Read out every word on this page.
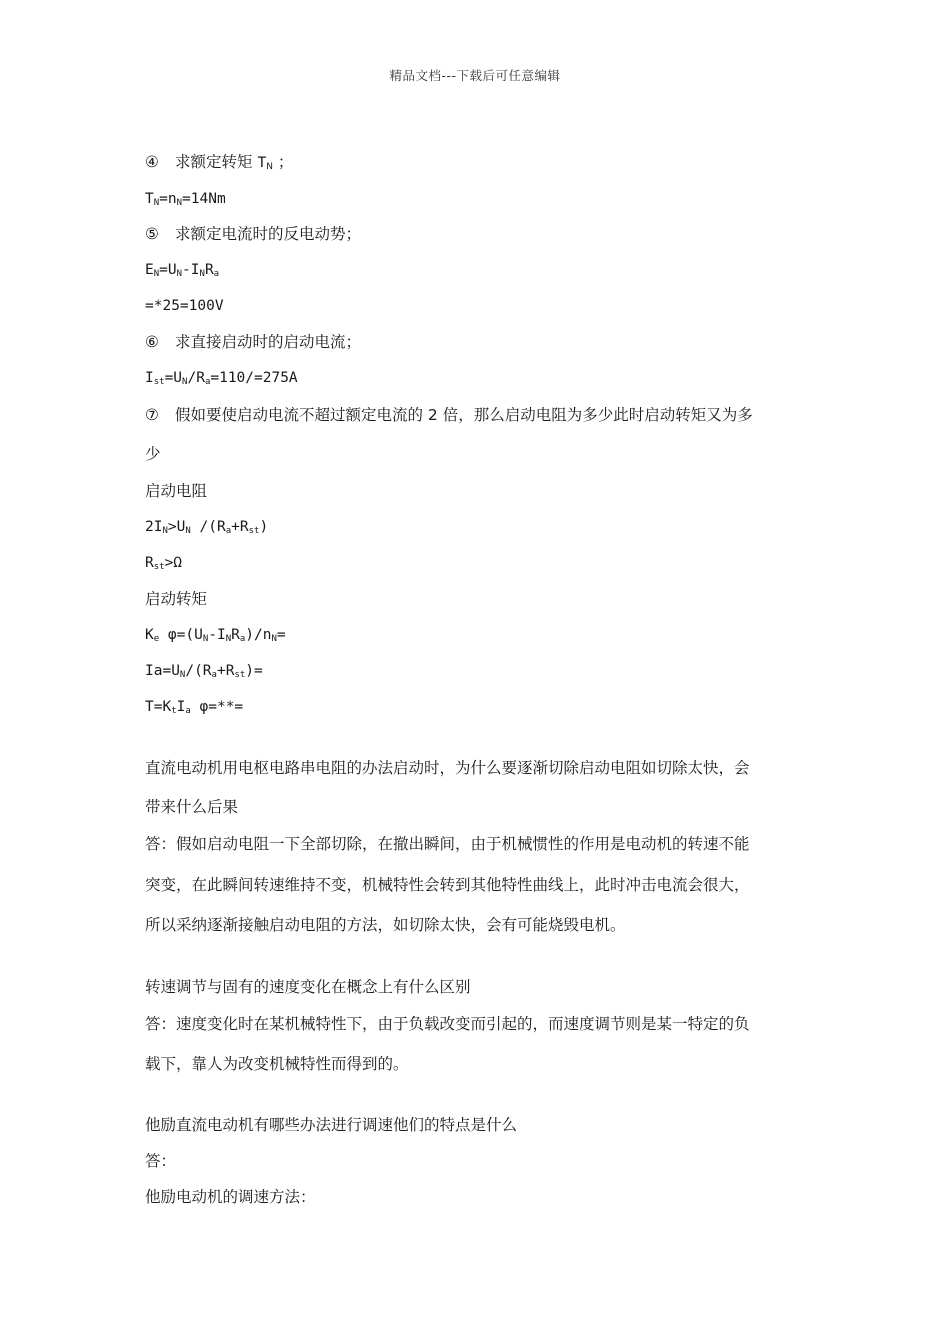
精品文档---下载后可任意编辑
④ 求额定转矩 $T_N$ ；
$T_N=n_N=14Nm$
⑤ 求额定电流时的反电动势；
$E_N=U_N-I_NR_a$
=*25=100V
⑥ 求直接启动时的启动电流；
$I_{st}=U_N/R_a=110/=275A$
⑦ 假如要使启动电流不超过额定电流的 2 倍，那么启动电阻为多少此时启动转矩又为多
少
启动电阻
$2I_N>U_N$ $/(R_a+R_{st})$
$R_{st}>\Omega$
启动转矩
$K_e$ $\varphi=(U_N-I_NR_a)/n_N=$
$Ia=U_N/(R_a+R_{st})=$
$T=K_tI_a$ φ=**=
直流电动机用电枢电路串电阻的办法启动时，为什么要逐渐切除启动电阻如切除太快，会
带来什么后果
答：假如启动电阻一下全部切除，在撤出瞬间，由于机械惯性的作用是电动机的转速不能
突变，在此瞬间转速维持不变，机械特性会转到其他特性曲线上，此时冲击电流会很大，
所以采纳逐渐接触启动电阻的方法，如切除太快，会有可能烧毁电机。
转速调节与固有的速度变化在概念上有什么区别
答：速度变化时在某机械特性下，由于负载改变而引起的，而速度调节则是某一特定的负
载下，靠人为改变机械特性而得到的。
他励直流电动机有哪些办法进行调速他们的特点是什么
答：
他励电动机的调速方法：
